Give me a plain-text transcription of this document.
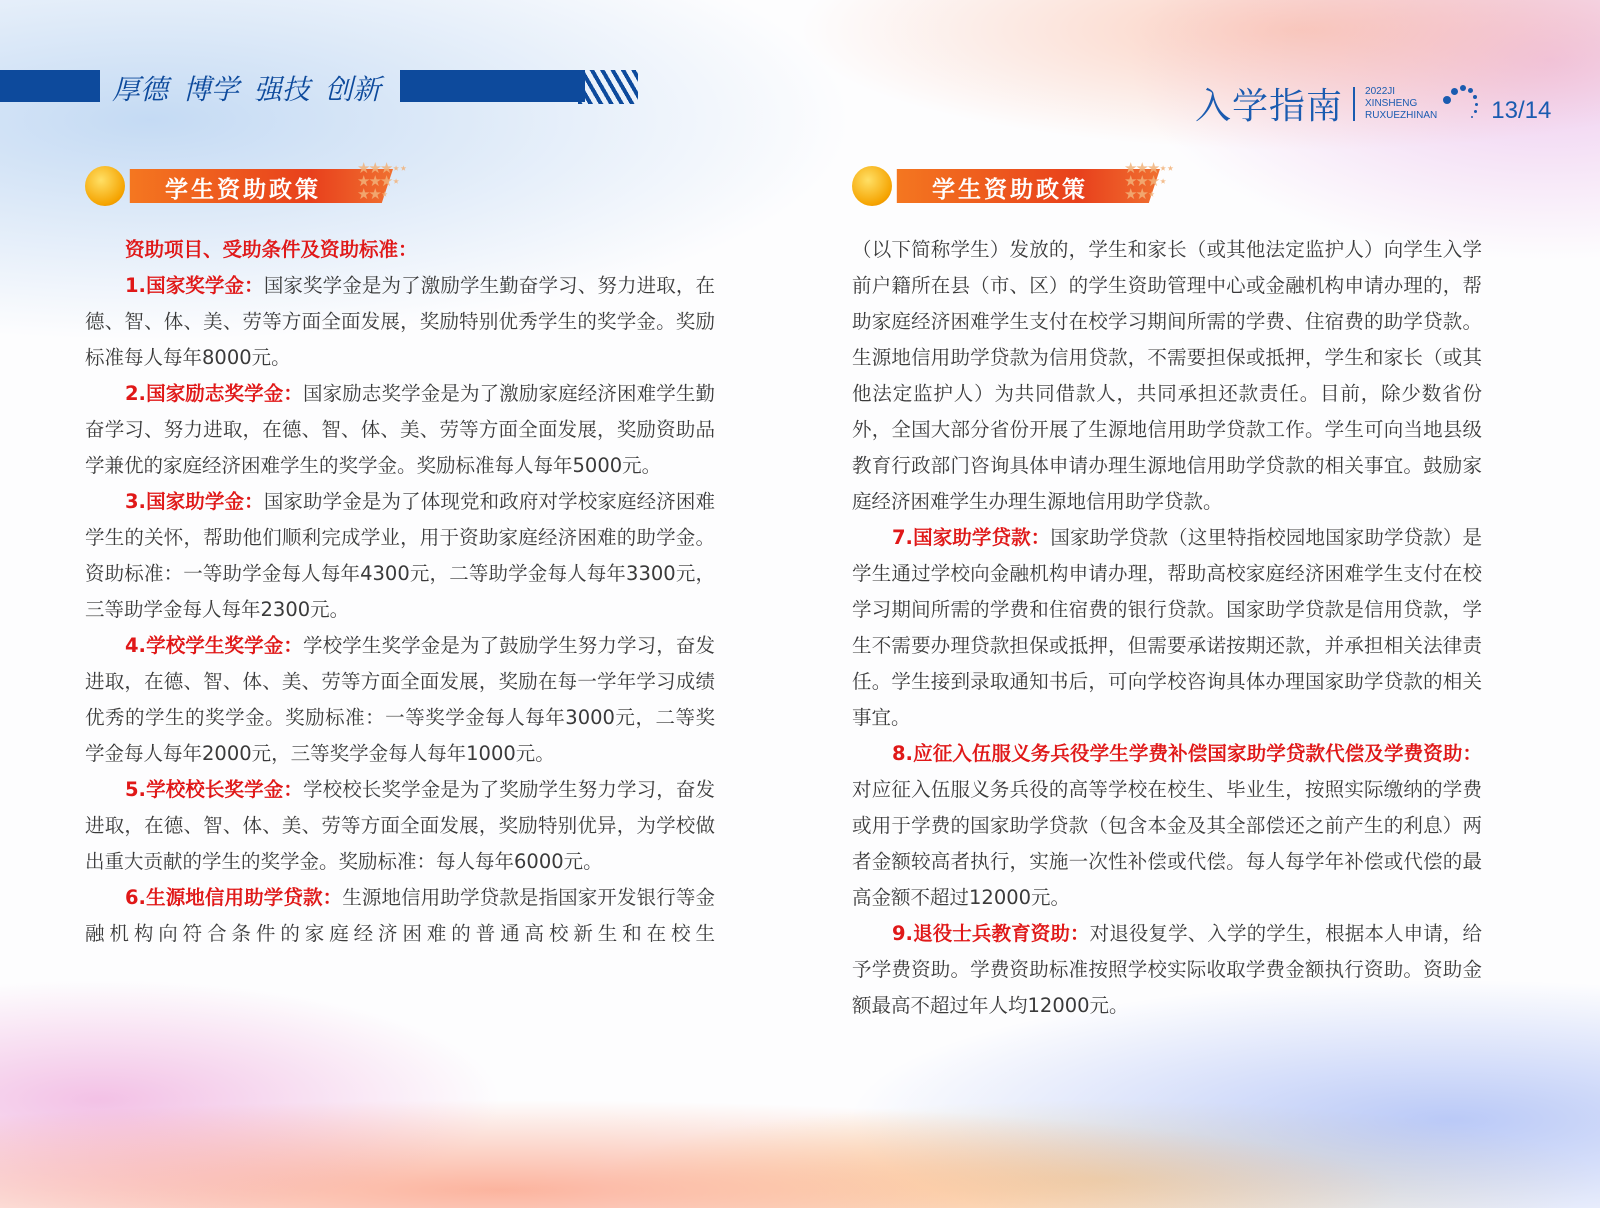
厚德 博学 强技 创新	入学指南 2022JI
XINSHENG
RUXUEZHINAN 13/14
学生资助政策
★★★⋆⋆
★★★⋆
★★⋆	学生资助政策
★★★⋆⋆
★★★⋆
★★⋆

资助项目、受助条件及资助标准：

1.国家奖学金：国家奖学金是为了激励学生勤奋学习、努力进取，在德、智、体、美、劳等方面全面发展，奖励特别优秀学生的奖学金。奖励标准每人每年8000元。

2.国家励志奖学金：国家励志奖学金是为了激励家庭经济困难学生勤奋学习、努力进取，在德、智、体、美、劳等方面全面发展，奖励资助品学兼优的家庭经济困难学生的奖学金。奖励标准每人每年5000元。

3.国家助学金：国家助学金是为了体现党和政府对学校家庭经济困难学生的关怀，帮助他们顺利完成学业，用于资助家庭经济困难的助学金。资助标准：一等助学金每人每年4300元，二等助学金每人每年3300元，三等助学金每人每年2300元。

4.学校学生奖学金：学校学生奖学金是为了鼓励学生努力学习，奋发进取，在德、智、体、美、劳等方面全面发展，奖励在每一学年学习成绩优秀的学生的奖学金。奖励标准：一等奖学金每人每年3000元，二等奖学金每人每年2000元，三等奖学金每人每年1000元。

5.学校校长奖学金：学校校长奖学金是为了奖励学生努力学习，奋发进取，在德、智、体、美、劳等方面全面发展，奖励特别优异，为学校做出重大贡献的学生的奖学金。奖励标准：每人每年6000元。

6.生源地信用助学贷款：生源地信用助学贷款是指国家开发银行等金融机构向符合条件的家庭经济困难的普通高校新生和在校生

（以下简称学生）发放的，学生和家长（或其他法定监护人）向学生入学前户籍所在县（市、区）的学生资助管理中心或金融机构申请办理的，帮助家庭经济困难学生支付在校学习期间所需的学费、住宿费的助学贷款。生源地信用助学贷款为信用贷款，不需要担保或抵押，学生和家长（或其他法定监护人）为共同借款人，共同承担还款责任。目前，除少数省份外，全国大部分省份开展了生源地信用助学贷款工作。学生可向当地县级教育行政部门咨询具体申请办理生源地信用助学贷款的相关事宜。鼓励家庭经济困难学生办理生源地信用助学贷款。

7.国家助学贷款：国家助学贷款（这里特指校园地国家助学贷款）是学生通过学校向金融机构申请办理，帮助高校家庭经济困难学生支付在校学习期间所需的学费和住宿费的银行贷款。国家助学贷款是信用贷款，学生不需要办理贷款担保或抵押，但需要承诺按期还款，并承担相关法律责任。学生接到录取通知书后，可向学校咨询具体办理国家助学贷款的相关事宜。

8.应征入伍服义务兵役学生学费补偿国家助学贷款代偿及学费资助：对应征入伍服义务兵役的高等学校在校生、毕业生，按照实际缴纳的学费或用于学费的国家助学贷款（包含本金及其全部偿还之前产生的利息）两者金额较高者执行，实施一次性补偿或代偿。每人每学年补偿或代偿的最高金额不超过12000元。

9.退役士兵教育资助：对退役复学、入学的学生，根据本人申请，给予学费资助。学费资助标准按照学校实际收取学费金额执行资助。资助金额最高不超过年人均12000元。
